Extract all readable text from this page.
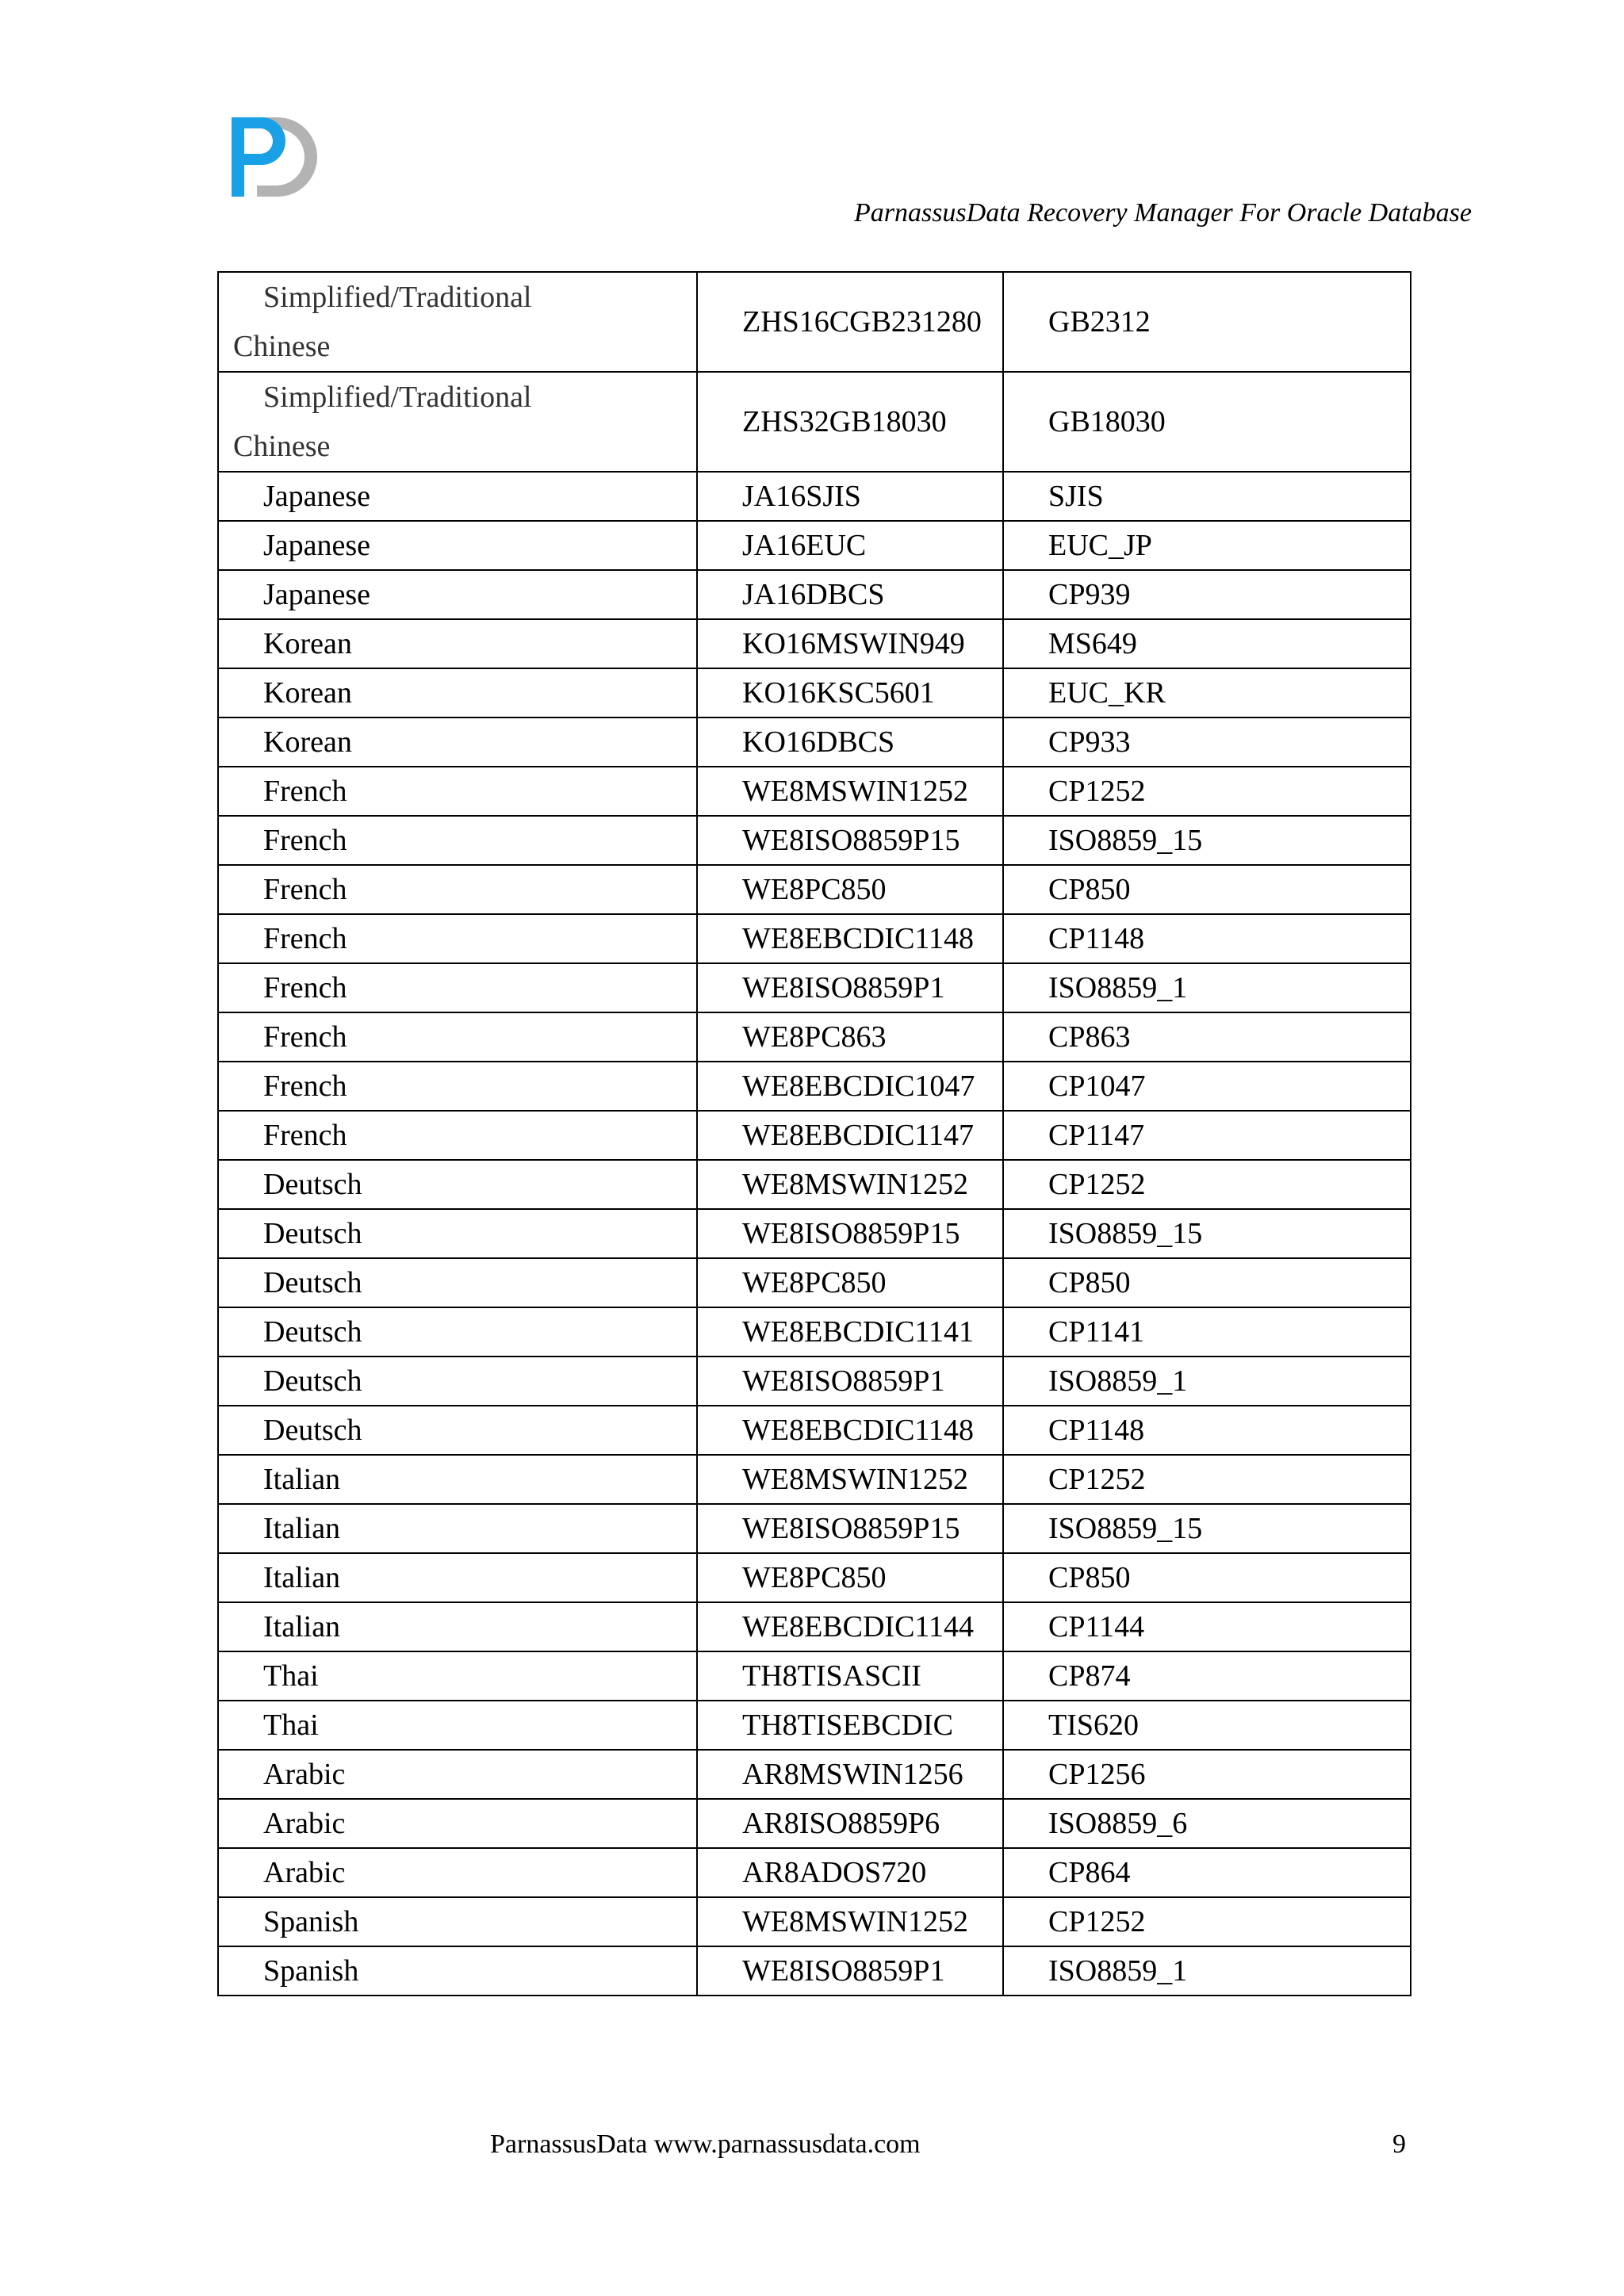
ParnassusData Recovery Manager For Oracle Database
Simplified/Traditional
Chinese	ZHS16CGB231280	GB2312

Simplified/Traditional
Chinese	ZHS32GB18030	GB18030
Japanese	JA16SJIS	SJIS
Japanese	JA16EUC	EUC_JP
Japanese	JA16DBCS	CP939
Korean	KO16MSWIN949	MS649
Korean	KO16KSC5601	EUC_KR
Korean	KO16DBCS	CP933
French	WE8MSWIN1252	CP1252
French	WE8ISO8859P15	ISO8859_15
French	WE8PC850	CP850
French	WE8EBCDIC1148	CP1148
French	WE8ISO8859P1	ISO8859_1
French	WE8PC863	CP863
French	WE8EBCDIC1047	CP1047
French	WE8EBCDIC1147	CP1147
Deutsch	WE8MSWIN1252	CP1252
Deutsch	WE8ISO8859P15	ISO8859_15
Deutsch	WE8PC850	CP850
Deutsch	WE8EBCDIC1141	CP1141
Deutsch	WE8ISO8859P1	ISO8859_1
Deutsch	WE8EBCDIC1148	CP1148
Italian	WE8MSWIN1252	CP1252
Italian	WE8ISO8859P15	ISO8859_15
Italian	WE8PC850	CP850
Italian	WE8EBCDIC1144	CP1144
Thai	TH8TISASCII	CP874
Thai	TH8TISEBCDIC	TIS620
Arabic	AR8MSWIN1256	CP1256
Arabic	AR8ISO8859P6	ISO8859_6
Arabic	AR8ADOS720	CP864
Spanish	WE8MSWIN1252	CP1252
Spanish	WE8ISO8859P1	ISO8859_1
ParnassusData www.parnassusdata.com	9
